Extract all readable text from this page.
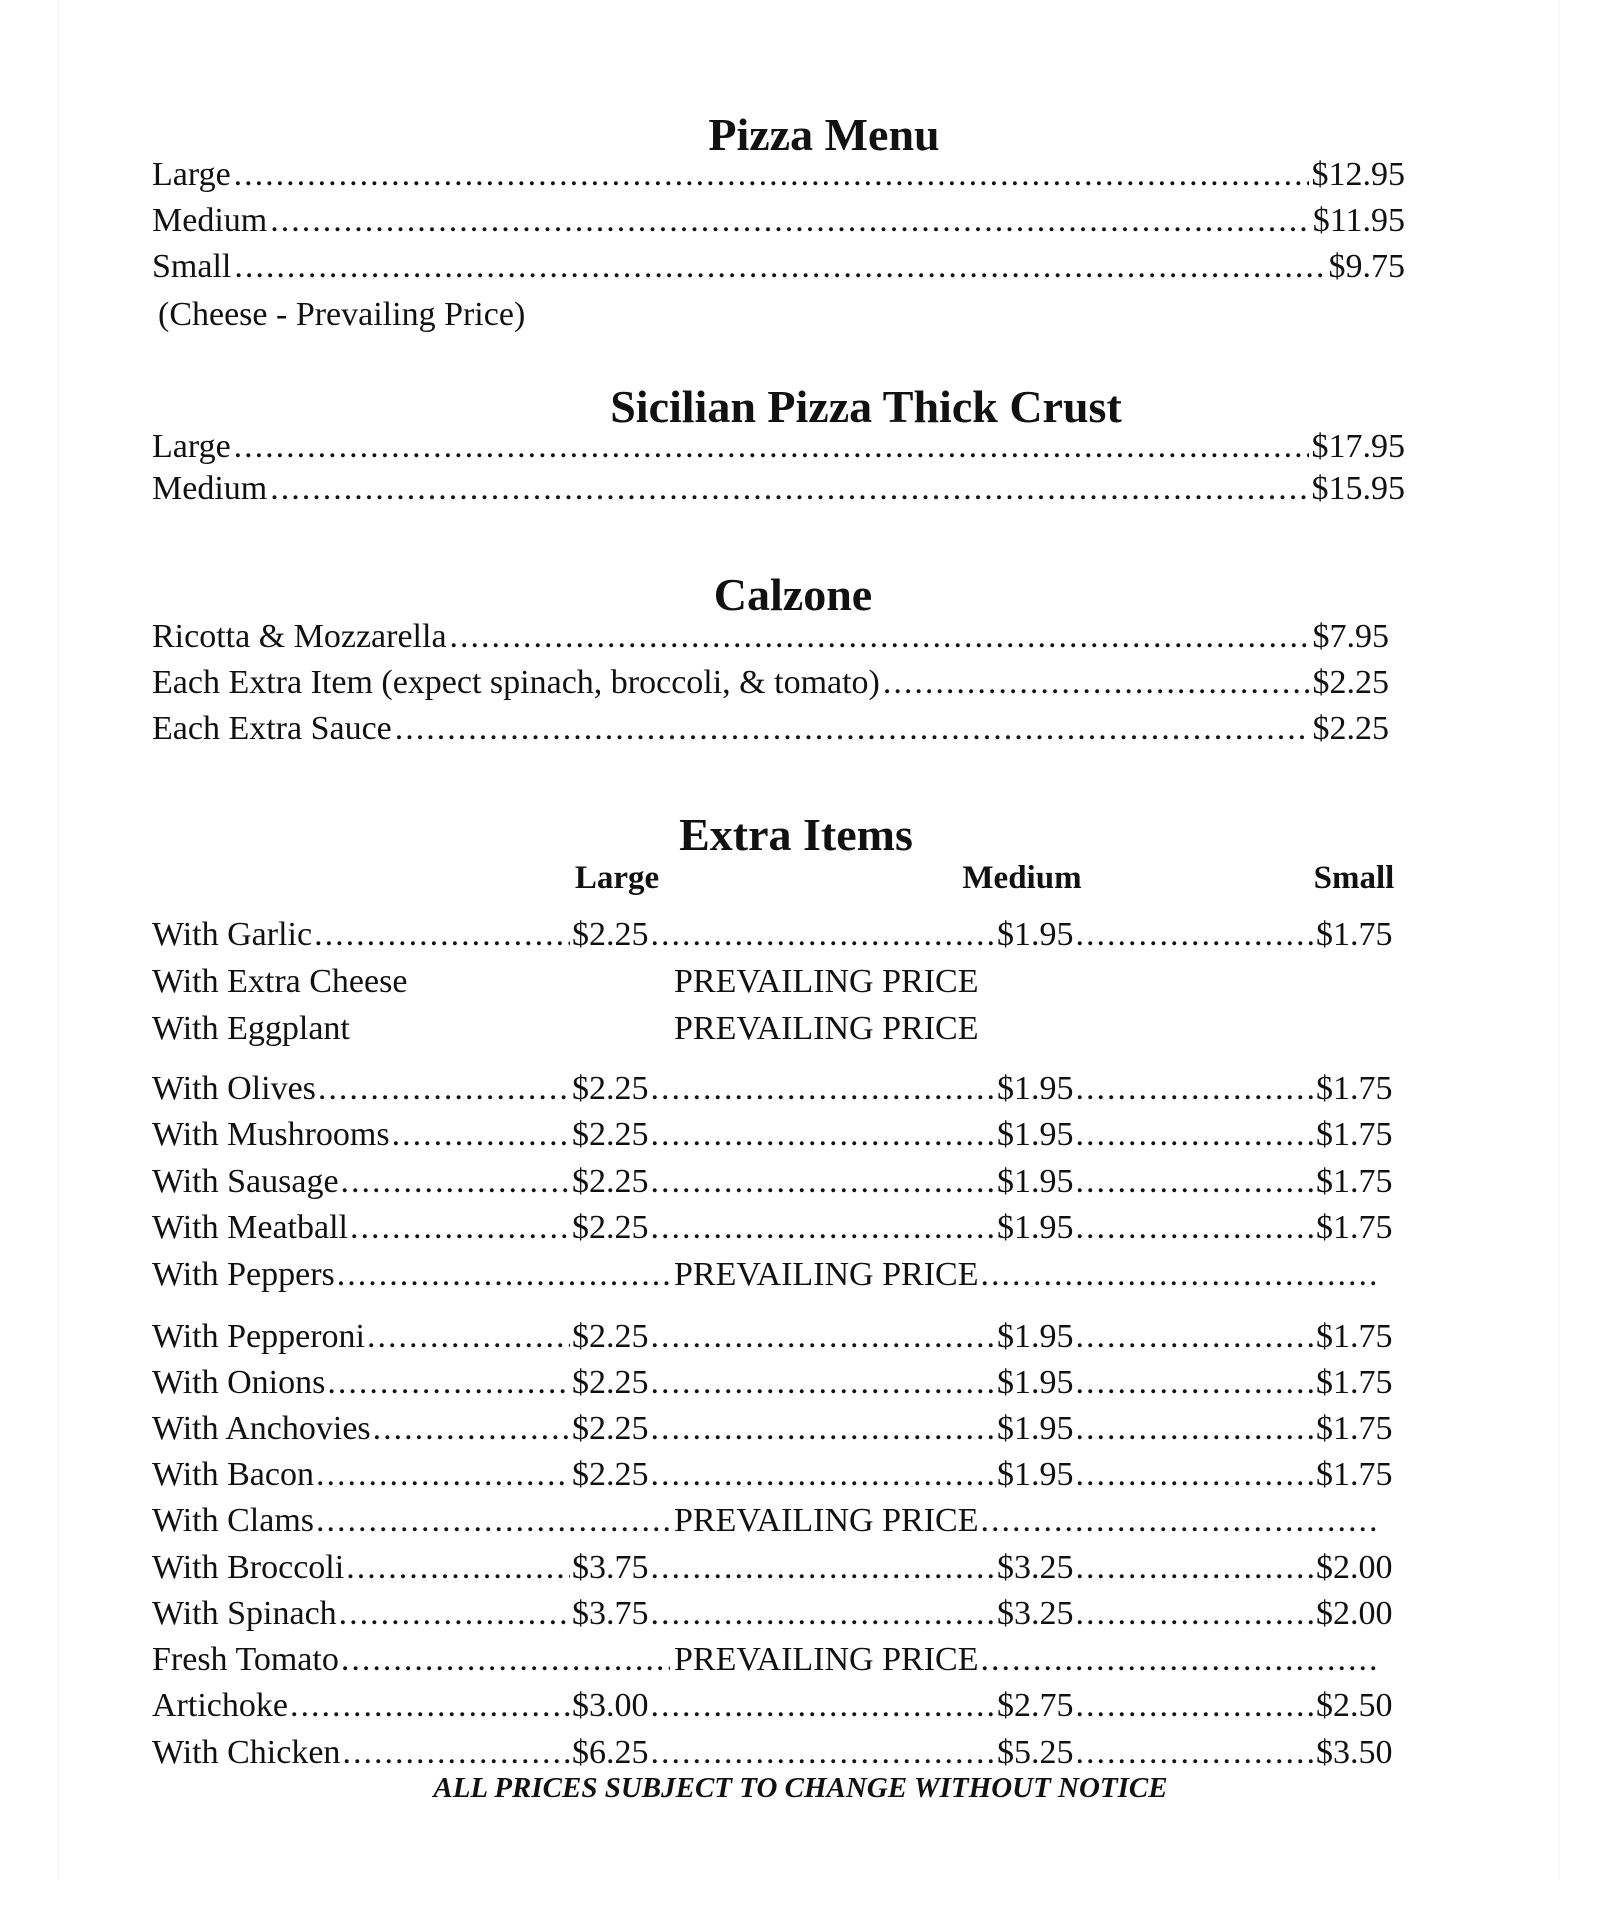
Pizza Menu
Large .....	$12.95
Medium .....	$11.95
Small .....	$9.75
(Cheese - Prevailing Price)
Sicilian Pizza Thick Crust
Large .....	$17.95
Medium .....	$15.95
Calzone
Ricotta & Mozzarella .....	$7.95
Each Extra Item (expect spinach, broccoli, & tomato) .....	$2.25
Each Extra Sauce .....	$2.25
Extra Items
Large	Medium	Small
With Garlic .....	$2.25 .....	$1.95 .....	$1.75
With Extra Cheese	PREVAILING PRICE
With Eggplant	PREVAILING PRICE
With Olives .....	$2.25 .....	$1.95 .....	$1.75
With Mushrooms .....	$2.25 .....	$1.95 .....	$1.75
With Sausage .....	$2.25 .....	$1.95 .....	$1.75
With Meatball .....	$2.25 .....	$1.95 .....	$1.75
With Peppers .....	PREVAILING PRICE
.....
With Pepperoni .....	$2.25 .....	$1.95 .....	$1.75
With Onions .....	$2.25 .....	$1.95 .....	$1.75
With Anchovies .....	$2.25 .....	$1.95 .....	$1.75
With Bacon .....	$2.25 .....	$1.95 .....	$1.75
With Clams .....	PREVAILING PRICE
.....
With Broccoli .....	$3.75 .....	$3.25 .....	$2.00
With Spinach .....	$3.75 .....	$3.25 .....	$2.00
Fresh Tomato .....	PREVAILING PRICE
.....
Artichoke .....	$3.00 .....	$2.75 .....	$2.50
With Chicken .....	$6.25 .....	$5.25 .....	$3.50
ALL PRICES SUBJECT TO CHANGE WITHOUT NOTICE
